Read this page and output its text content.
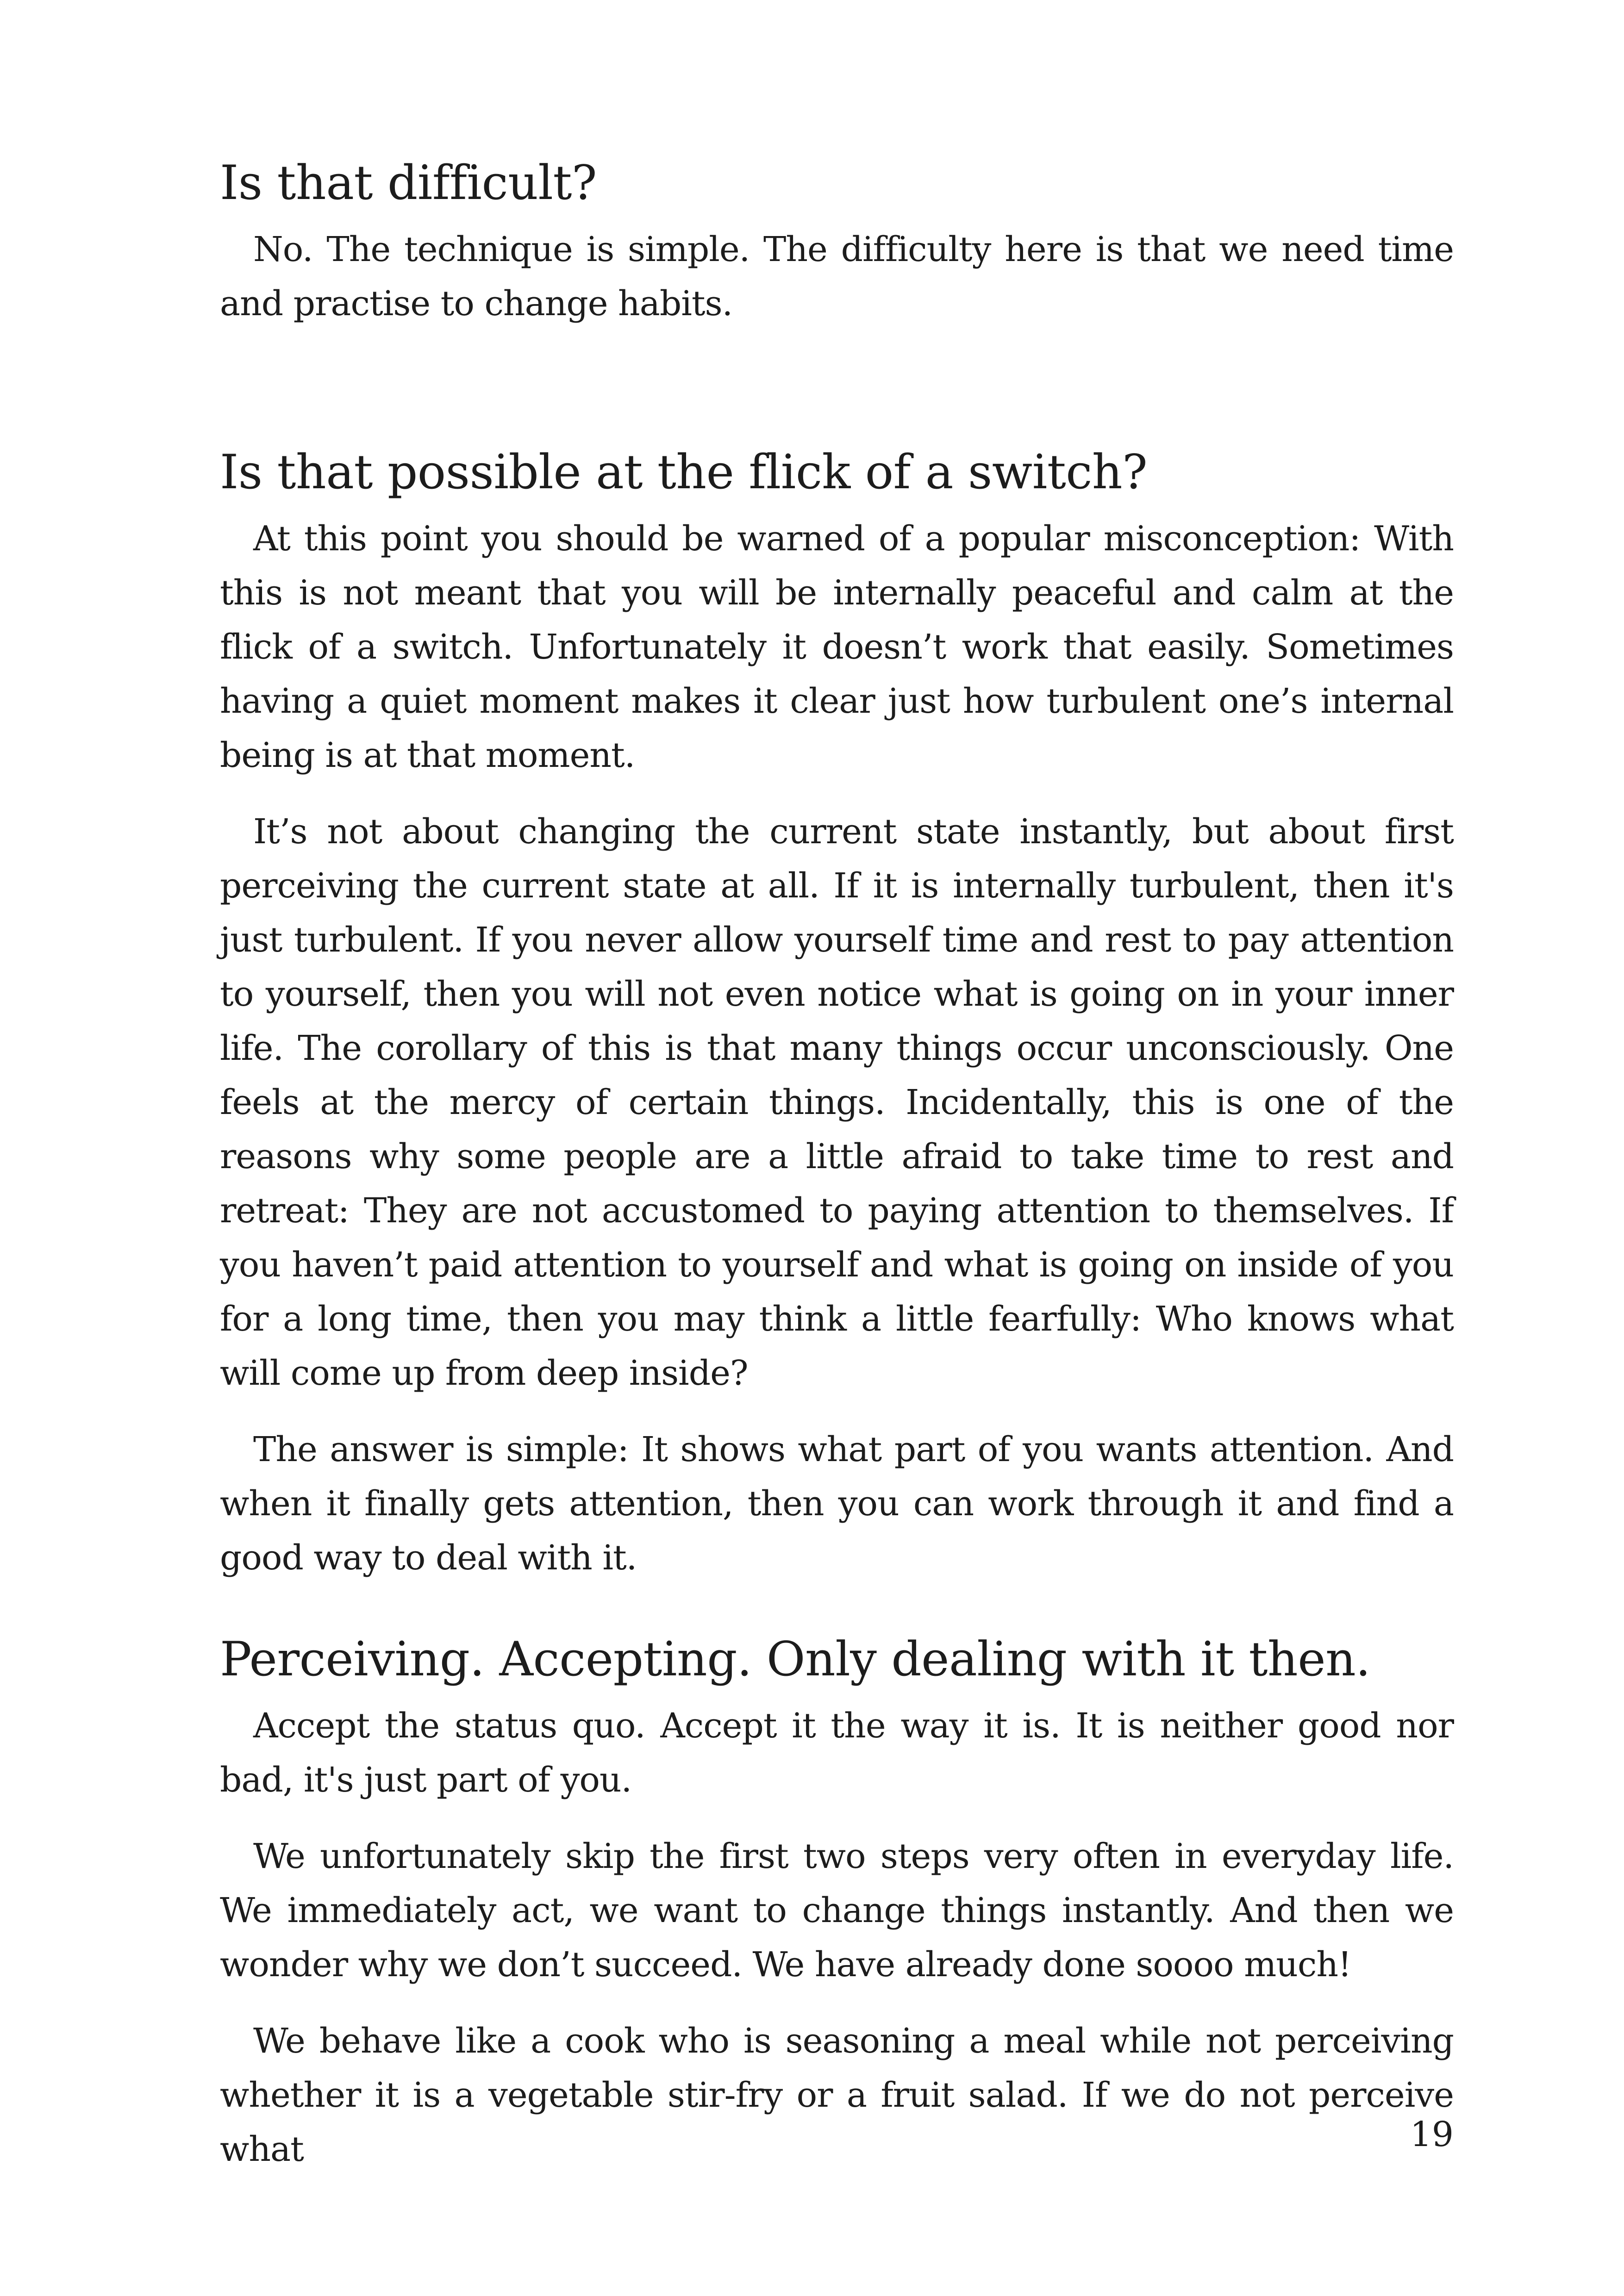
Is that difficult?

No. The technique is simple. The difficulty here is that we need time and practise to change habits.

Is that possible at the flick of a switch?

At this point you should be warned of a popular misconception: With this is not meant that you will be internally peaceful and calm at the flick of a switch. Unfortunately it doesn’t work that easily. Sometimes having a quiet moment makes it clear just how turbulent one’s internal being is at that moment.

It’s not about changing the current state instantly, but about first perceiving the current state at all. If it is internally turbulent, then it's just turbulent. If you never allow yourself time and rest to pay attention to yourself, then you will not even notice what is going on in your inner life. The corollary of this is that many things occur unconsciously. One feels at the mercy of certain things. Incidentally, this is one of the reasons why some people are a little afraid to take time to rest and retreat: They are not accustomed to paying attention to themselves. If you haven’t paid attention to yourself and what is going on inside of you for a long time, then you may think a little fearfully: Who knows what will come up from deep inside?

The answer is simple: It shows what part of you wants attention. And when it finally gets attention, then you can work through it and find a good way to deal with it.

Perceiving. Accepting. Only dealing with it then.

Accept the status quo. Accept it the way it is. It is neither good nor bad, it's just part of you.

We unfortunately skip the first two steps very often in everyday life. We immediately act, we want to change things instantly. And then we wonder why we don’t succeed. We have already done soooo much!

We behave like a cook who is seasoning a meal while not perceiving whether it is a vegetable stir-fry or a fruit salad. If we do not perceive what	19
